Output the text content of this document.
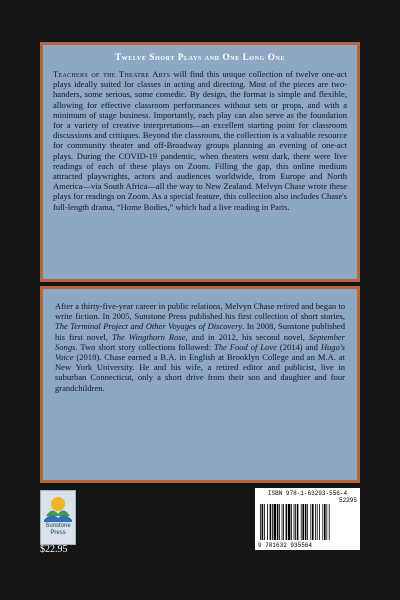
Twelve Short Plays and One Long One

Teachers of the Theatre Arts will find this unique collection of twelve one-act plays ideally suited for classes in acting and directing. Most of the pieces are two-handers, some serious, some comedic. By design, the format is simple and flexible, allowing for effective classroom performances without sets or props, and with a minimum of stage business. Importantly, each play can also serve as the foundation for a variety of creative interpretations—an excellent starting point for classroom discussions and critiques. Beyond the classroom, the collection is a valuable resource for community theater and off-Broadway groups planning an evening of one-act plays. During the COVID-19 pandemic, when theaters went dark, there were live readings of each of these plays on Zoom. Filling the gap, this online medium attracted playwrights, actors and audiences worldwide, from Europe and North America—via South Africa—all the way to New Zealand. Melvyn Chase wrote these plays for readings on Zoom. As a special feature, this collection also includes Chase's full-length drama, “Home Bodies,” which had a live reading in Paris.

After a thirty-five-year career in public relations, Melvyn Chase retired and began to write fiction. In 2005, Sunstone Press published his first collection of short stories, The Terminal Project and Other Voyages of Discovery. In 2008, Sunstone published his first novel, The Wingthorn Rose, and in 2012, his second novel, September Songs. Two short story collections followed: The Food of Love (2014) and Hugo's Voice (2018). Chase earned a B.A. in English at Brooklyn College and an M.A. at New York University. He and his wife, a retired editor and publicist, live in suburban Connecticut, only a short drive from their son and daughter and four grandchildren.

Sunstone
Press
$22.95
ISBN 978-1-63293-556-4
52295
9 781632 935564
